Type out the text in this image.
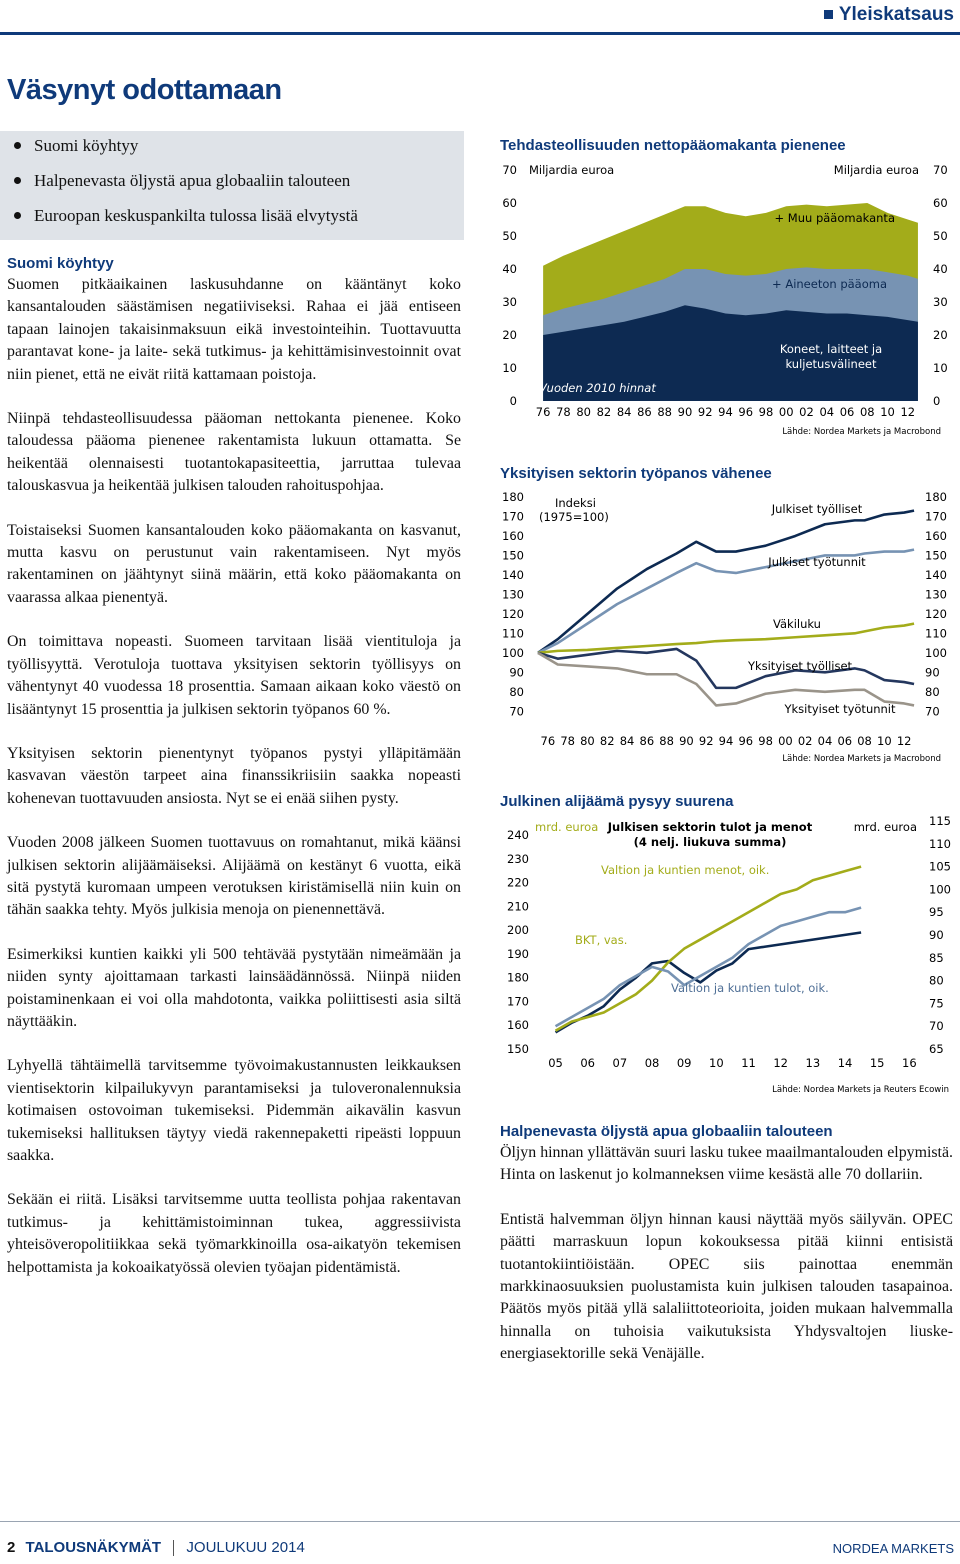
Yleiskatsaus
Väsynyt odottamaan
Suomi köyhtyy
Halpenevasta öljystä apua globaaliin talouteen
Euroopan keskuspankilta tulossa lisää elvytystä
Suomi köyhtyy

Suomen pitkäaikainen laskusuhdanne on kääntänyt koko kansantalouden säästämisen negatiiviseksi. Rahaa ei jää entiseen tapaan lainojen takaisinmaksuun eikä investointeihin. Tuottavuutta parantavat kone- ja laite- sekä tutkimus- ja kehittämisinvestoinnit ovat niin pienet, että ne eivät riitä kattamaan poistoja.

Niinpä tehdasteollisuudessa pääoman nettokanta pienenee. Koko taloudessa pääoma pienenee rakentamista lukuun ottamatta. Se heikentää olennaisesti tuotantokapasiteettia, jarruttaa tulevaa talouskasvua ja heikentää julkisen talouden rahoituspohjaa.

Toistaiseksi Suomen kansantalouden koko pääomakanta on kasvanut, mutta kasvu on perustunut vain rakentamiseen. Nyt myös rakentaminen on jäähtynyt siinä määrin, että koko pääomakanta on vaarassa alkaa pienentyä.

On toimittava nopeasti. Suomeen tarvitaan lisää vientituloja ja työllisyyttä. Verotuloja tuottava yksityisen sektorin työllisyys on vähentynyt 40 vuodessa 18 prosenttia. Samaan aikaan koko väestö on lisääntynyt 15 prosenttia ja julkisen sektorin työpanos 60 %.

Yksityisen sektorin pienentynyt työpanos pystyi ylläpitämään kasvavan väestön tarpeet aina finanssikriisiin saakka nopeasti kohenevan tuottavuuden ansiosta. Nyt se ei enää siihen pysty.

Vuoden 2008 jälkeen Suomen tuottavuus on romahtanut, mikä käänsi julkisen sektorin alijäämäiseksi. Alijäämä on kestänyt 6 vuotta, eikä sitä pystytä kuromaan umpeen verotuksen kiristämisellä niin kuin on tähän saakka tehty. Myös julkisia menoja on pienennettävä.

Esimerkiksi kuntien kaikki yli 500 tehtävää pystytään nimeämään ja niiden synty ajoittamaan tarkasti lainsäädännössä. Niinpä niiden poistaminenkaan ei voi olla mahdotonta, vaikka poliittisesti asia siltä näyttääkin.

Lyhyellä tähtäimellä tarvitsemme työvoimakustannusten leikkauksen vientisektorin kilpailukyvyn parantamiseksi ja tuloveronalennuksia kotimaisen ostovoiman tukemiseksi. Pidemmän aikavälin kasvun tukemiseksi hallituksen täytyy viedä rakennepaketti ripeästi loppuun saakka.

Sekään ei riitä. Lisäksi tarvitsemme uutta teollista pohjaa rakentavan tutkimus- ja kehittämistoiminnan tukea, aggressiivista yhteisöveropolitiikkaa sekä työmarkkinoilla osa-aikatyön tekemisen helpottamista ja kokoaikatyössä olevien työajan pidentämistä.

Tehdasteollisuuden nettopääomakanta pienenee
0	0
10	10
20	20
30	30
40	40
50	50
60	60
70	70
76 78 80 82 84 86 88 90 92 94 96 98 00 02 04 06 08 10 12
Miljardia euroa	Miljardia euroa
+ Muu pääomakanta
+ Aineeton pääoma
Koneet, laitteet ja
kuljetusvälineet
Vuoden 2010 hinnat
Lähde: Nordea Markets ja Macrobond
Yksityisen sektorin työpanos vähenee
70	70
80	80
90	90
100	100
110	110
120	120
130	130
140	140
150	150
160	160
170	170
180	180
76 78 80 82 84 86 88 90 92 94 96 98 00 02 04 06 08 10 12
Indeksi
(1975=100)
Julkiset työlliset
Julkiset työtunnit
Väkiluku
Yksityiset työlliset
Yksityiset työtunnit
Lähde: Nordea Markets ja Macrobond
Julkinen alijäämä pysyy suurena
150
160
170
180
190
200
210
220
230
240
65
70
75
80
85
90
95
100
105
110
115
05 06 07 08 09 10 11 12 13 14 15 16
mrd. euroa	mrd. euroa
Julkisen sektorin tulot ja menot
(4 nelj. liukuva summa)
BKT, vas.
Valtion ja kuntien menot, oik.
Valtion ja kuntien tulot, oik.
Lähde: Nordea Markets ja Reuters Ecowin
Halpenevasta öljystä apua globaaliin talouteen

Öljyn hinnan yllättävän suuri lasku tukee maailmantalouden elpymistä. Hinta on laskenut jo kolmanneksen viime kesästä alle 70 dollariin.

Entistä halvemman öljyn hinnan kausi näyttää myös säilyvän. OPEC päätti marraskuun lopun kokouksessa pitää kiinni entisistä tuotantokiintiöistään. OPEC siis painottaa enemmän markkinaosuuksien puolustamista kuin julkisen talouden tasapainoa. Päätös myös pitää yllä salaliittoteorioita, joiden mukaan halvemmalla hinnalla on tuhoisia vaikutuksista Yhdysvaltojen liuske-energiasektorille sekä Venäjälle.

2 TALOUSNÄKYMÄT JOULUKUU 2014	NORDEA MARKETS
